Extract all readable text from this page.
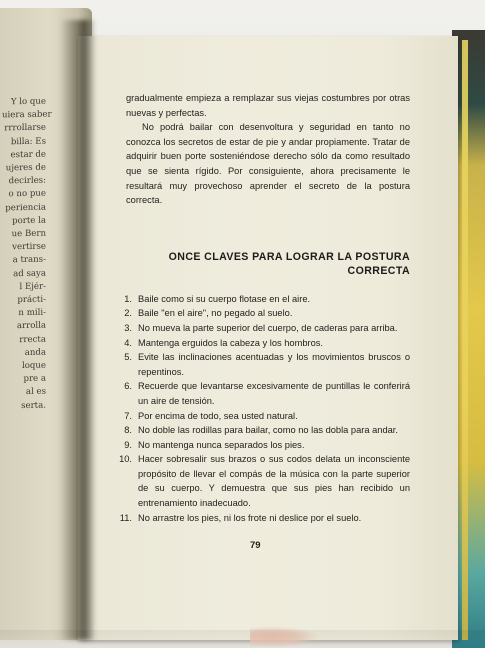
Y lo que
uiera saber
rrrollarse
billa: Es
estar de
ujeres de
decirles:
o no pue
periencia
porte la
ue Bern
vertirse
a trans-
ad saya
l Ejér-
prácti-
n mili-
arrolla
rrecta
anda
loque
pre a
al es
serta.

gradualmente empieza a remplazar sus viejas costumbres por otras nuevas y perfectas.

No podrá bailar con desenvoltura y seguridad en tanto no conozca los secretos de estar de pie y andar propiamente. Tratar de adquirir buen porte sosteniéndose derecho sólo da como resultado que se sienta rígido. Por consiguiente, ahora precisamente le resultará muy provechoso aprender el secreto de la postura correcta.

ONCE CLAVES PARA LOGRAR LA POSTURA
CORRECTA
1. Baile como si su cuerpo flotase en el aire.
2. Baile "en el aire", no pegado al suelo.
3. No mueva la parte superior del cuerpo, de caderas para arriba.
4. Mantenga erguidos la cabeza y los hombros.
5. Evite las inclinaciones acentuadas y los movimientos bruscos o repentinos.
6. Recuerde que levantarse excesivamente de puntillas le conferirá un aire de tensión.
7. Por encima de todo, sea usted natural.
8. No doble las rodillas para bailar, como no las dobla para andar.
9. No mantenga nunca separados los pies.
10. Hacer sobresalir sus brazos o sus codos delata un inconsciente propósito de llevar el compás de la música con la parte superior de su cuerpo. Y demuestra que sus pies han recibido un entrenamiento inadecuado.
11. No arrastre los pies, ni los frote ni deslice por el suelo.
79
